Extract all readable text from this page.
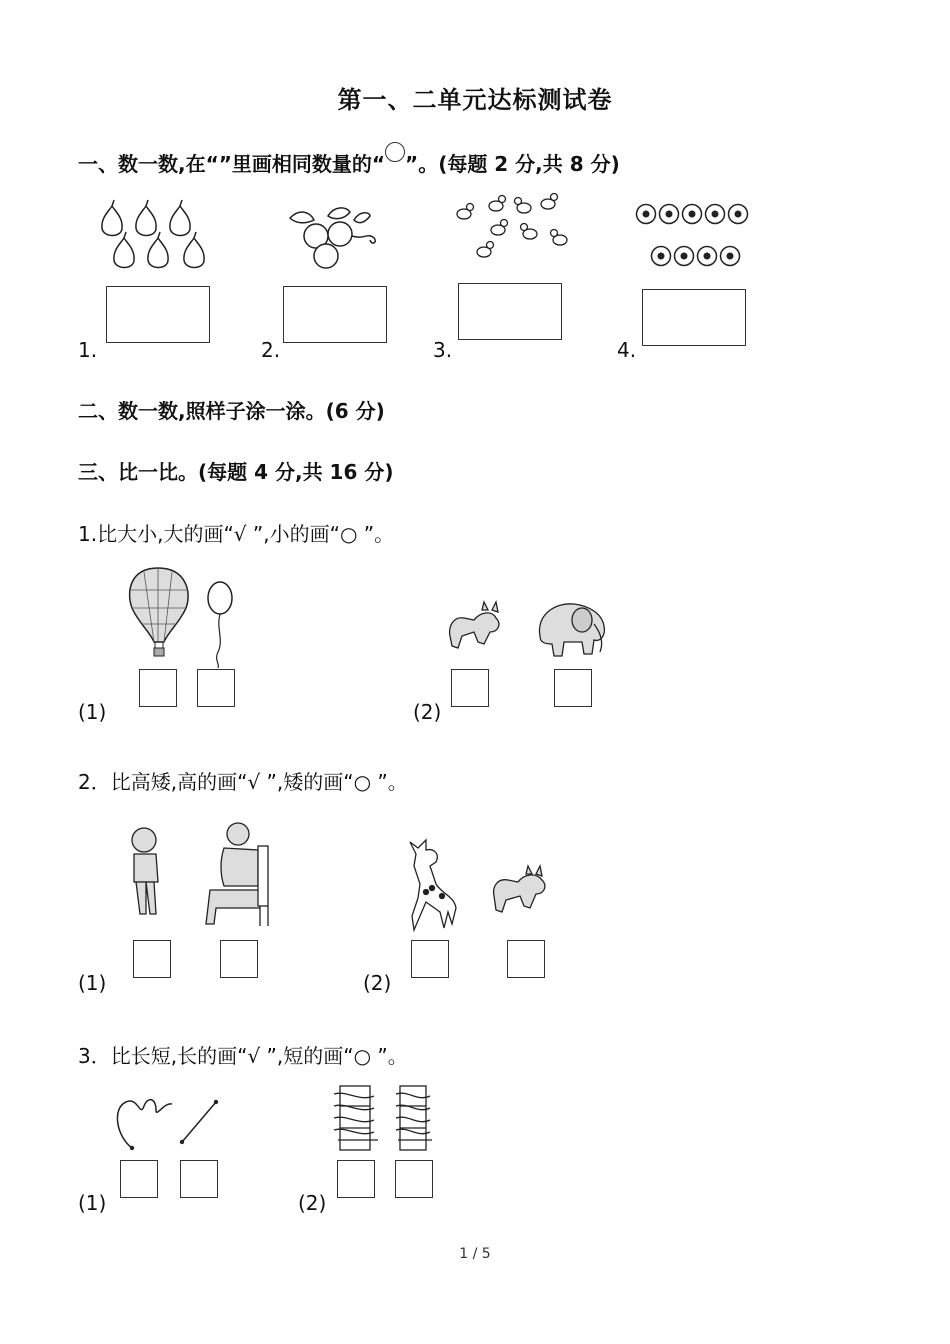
第一、二单元达标测试卷
一、数一数,在“”里画相同数量的“ ”。(每题 2 分,共 8 分)
1.	2.	3.	4.
二、数一数,照样子涂一涂。(6 分)
三、比一比。(每题 4 分,共 16 分)
1.比大小,大的画“√ ”,小的画“○ ”。
(1)	(2)
2．比高矮,高的画“√ ”,矮的画“○ ”。
(1)	(2)
3．比长短,长的画“√ ”,短的画“○ ”。
(1)	(2)
1 / 5
